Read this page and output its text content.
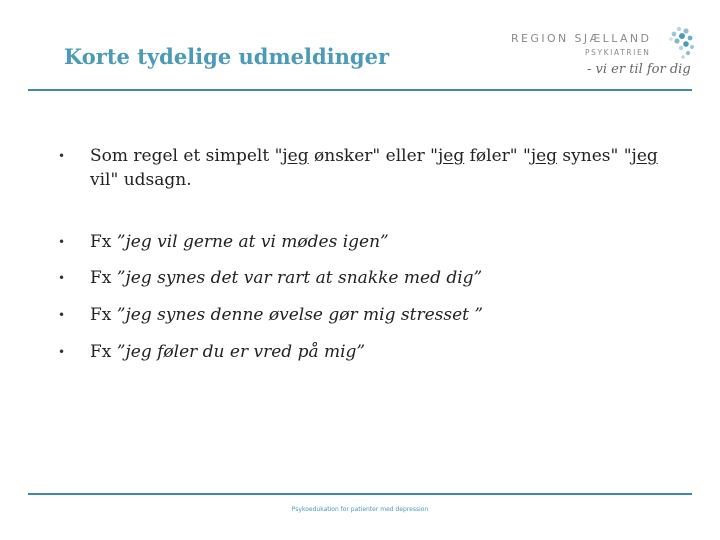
Korte tydelige udmeldinger
REGION SJÆLLAND
PSYKIATRIEN
- vi er til for dig
• Som regel et simpelt "jeg ønsker" eller "jeg føler" "jeg synes" "jeg vil" udsagn.
• Fx ”jeg vil gerne at vi mødes igen”
• Fx ”jeg synes det var rart at snakke med dig”
• Fx ”jeg synes denne øvelse gør mig stresset ”
• Fx ”jeg føler du er vred på mig”
Psykoedukation for patienter med depression
